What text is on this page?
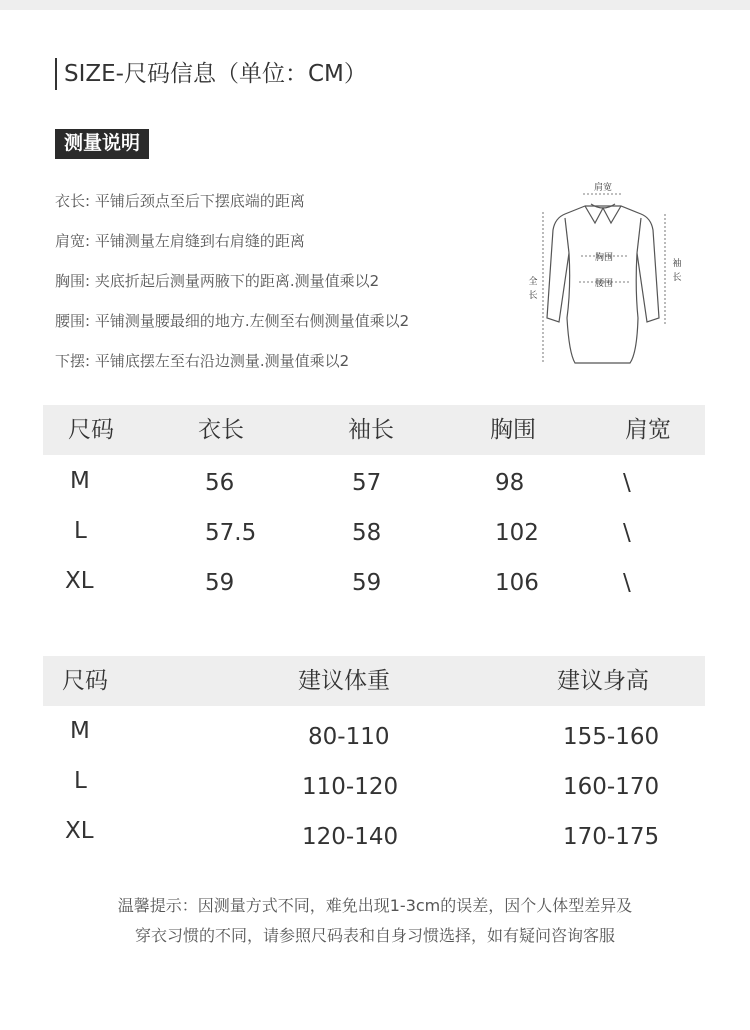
SIZE-尺码信息（单位：CM）
测量说明
衣长: 平铺后颈点至后下摆底端的距离
肩宽: 平铺测量左肩缝到右肩缝的距离
胸围: 夹底折起后测量两腋下的距离.测量值乘以2
腰围: 平铺测量腰最细的地方.左侧至右侧测量值乘以2
下摆: 平铺底摆左至右沿边测量.测量值乘以2
肩宽
胸围
腰围
袖
长
全
长
尺码	衣长	袖长	胸围	肩宽
M	56	57	98	\
L	57.5	58	102	\
XL	59	59	106	\
尺码	建议体重	建议身高
M	80-110	155-160
L	110-120	160-170
XL	120-140	170-175
温馨提示：因测量方式不同，难免出现1-3cm的误差，因个人体型差异及
穿衣习惯的不同，请参照尺码表和自身习惯选择，如有疑问咨询客服
